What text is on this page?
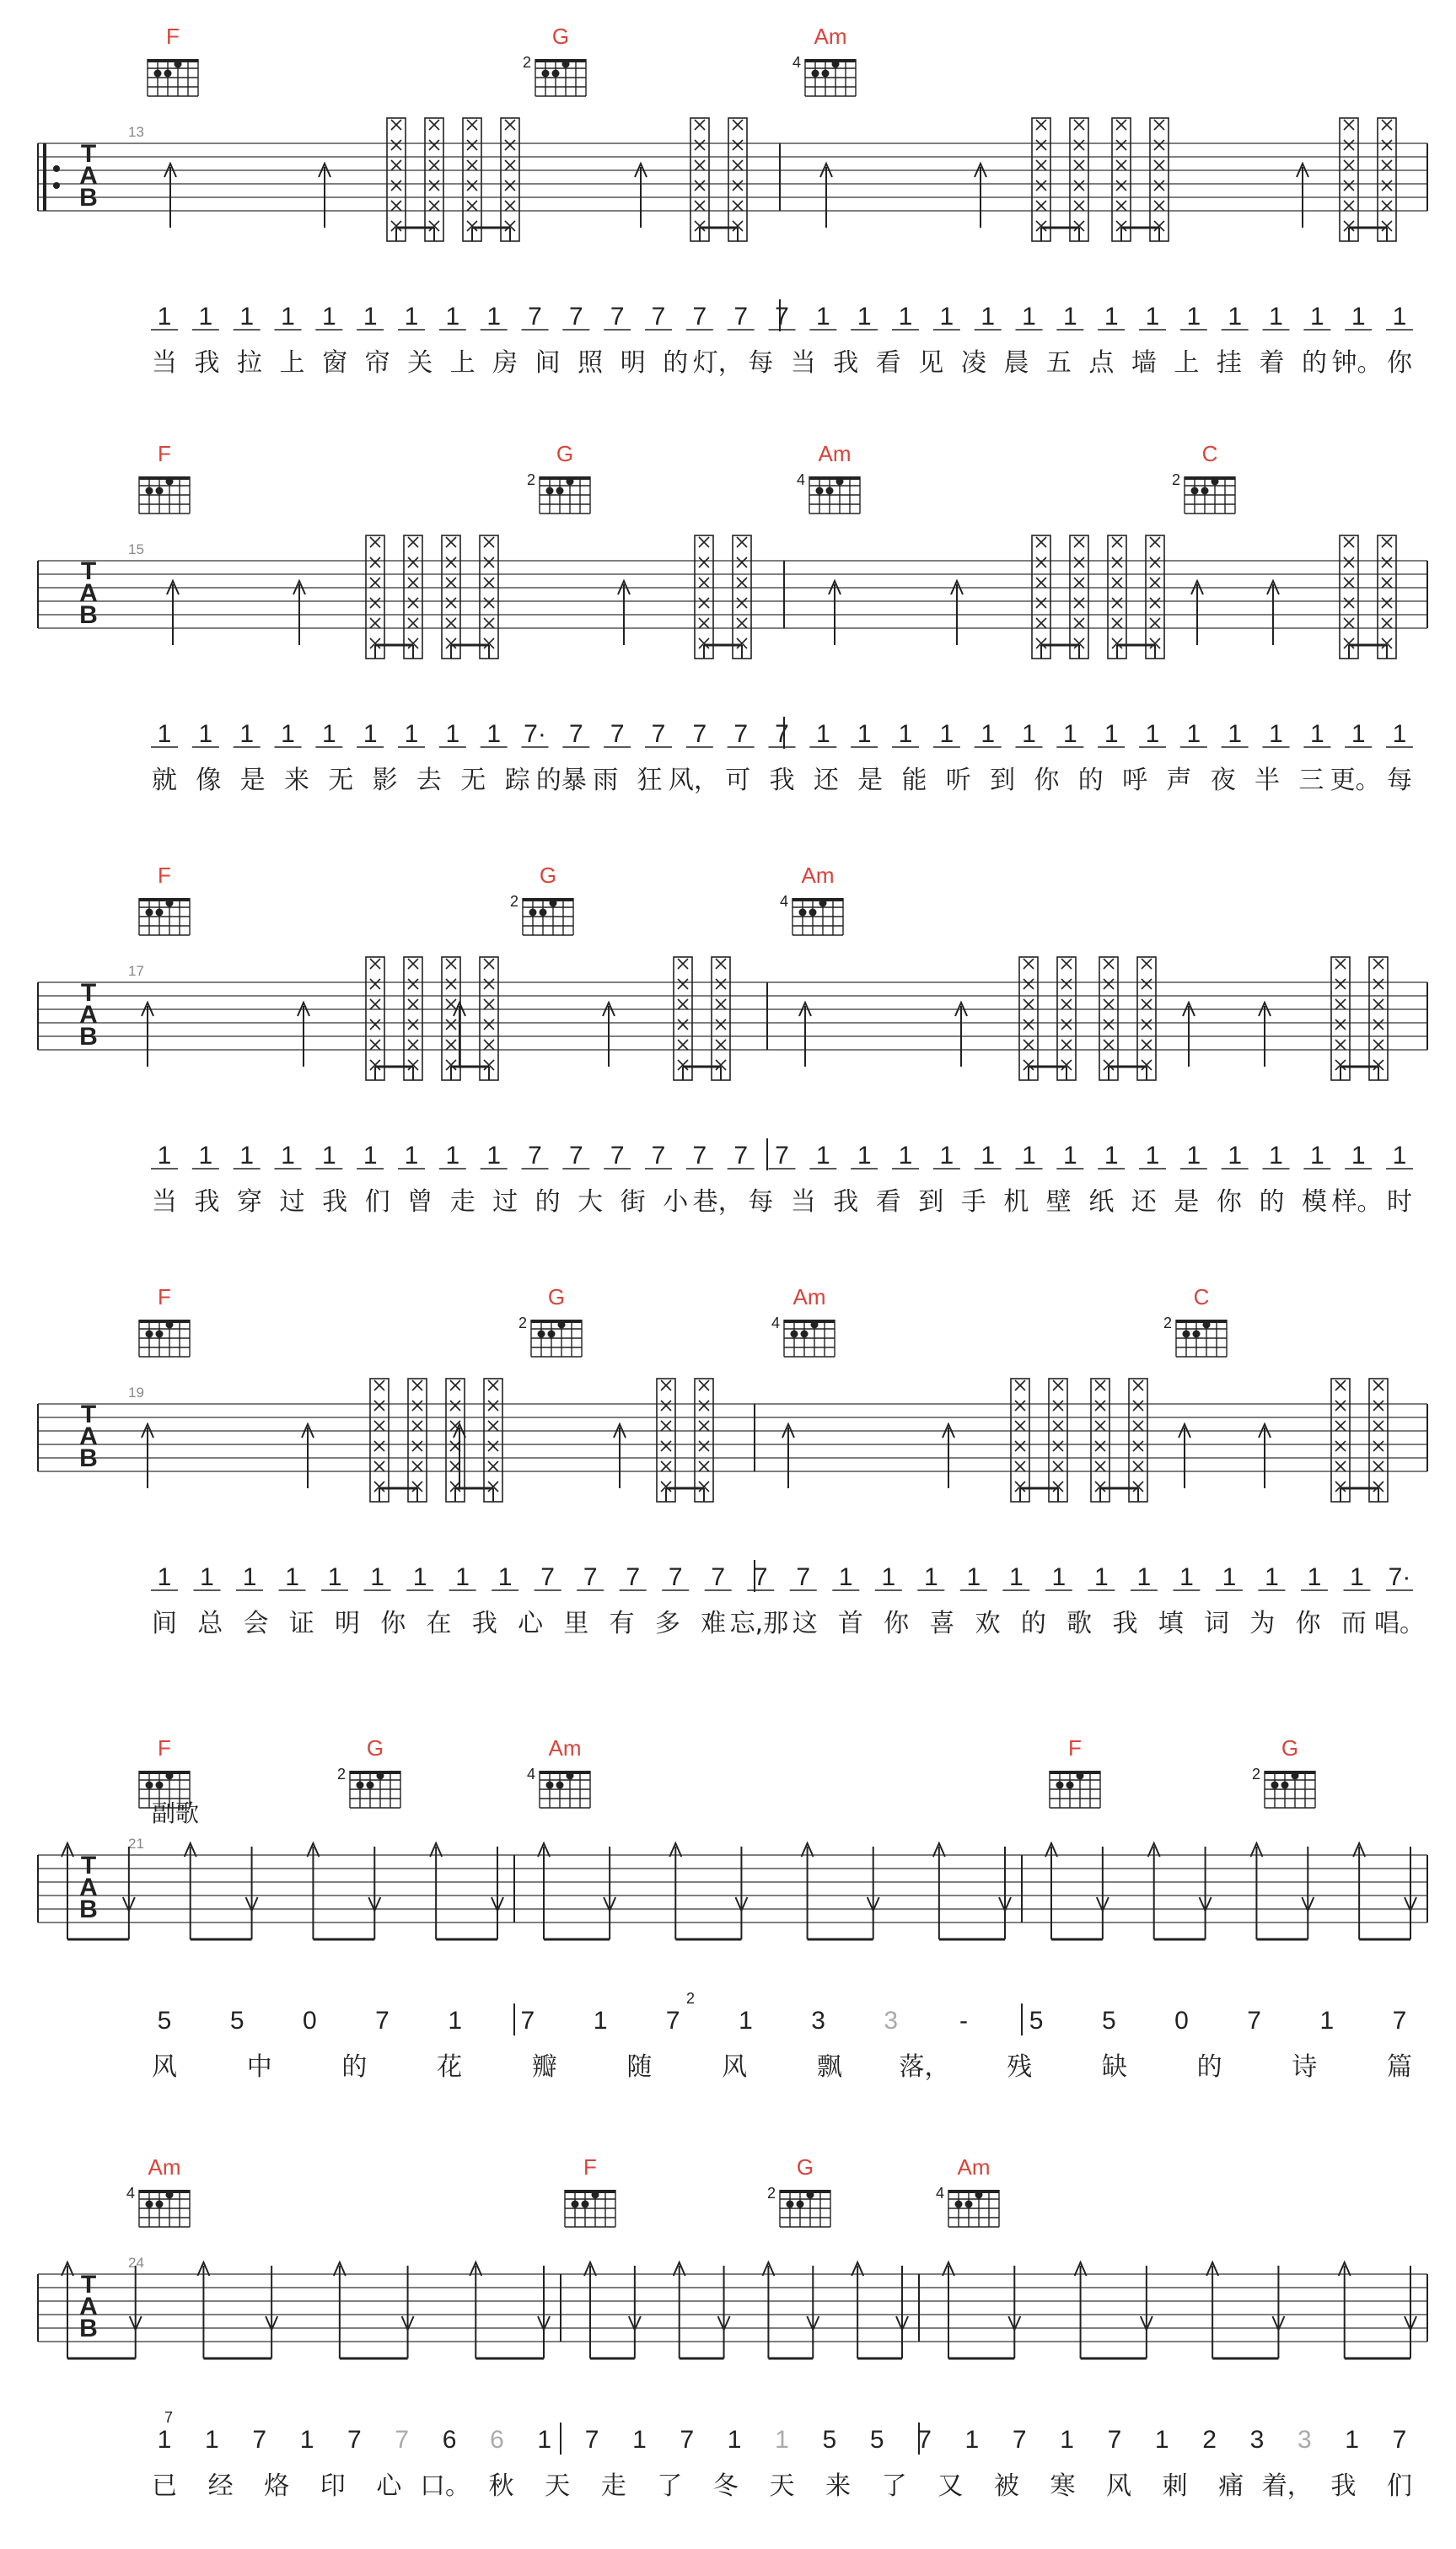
F	G
2
Am
4
T
A
B
13
1 1 1 1 1 1 1 1 1 7 7 7 7 7 7 7 1 1 1 1 1 1 1 1 1 1 1 1 1 1 1
当 我 拉 上 窗 帘 关 上 房 间 照 明 的 灯， 每 当 我 看 见 凌 晨 五 点 墙 上 挂 着 的 钟。 你
F	G
2
Am
4
C
2
T
A
B
15
1 1 1 1 1 1 1 1 1 7· 7 7 7 7 7 7 1 1 1 1 1 1 1 1 1 1 1 1 1 1 1
就 像 是 来 无 影 去 无 踪 的暴 雨 狂 风， 可 我 还 是 能 听 到 你 的 呼 声 夜 半 三 更。 每
F	G
2
Am
4
T
A
B
17
1 1 1 1 1 1 1 1 1 7 7 7 7 7 7 7 1 1 1 1 1 1 1 1 1 1 1 1 1 1 1
当 我 穿 过 我 们 曾 走 过 的 大 街 小 巷， 每 当 我 看 到 手 机 壁 纸 还 是 你 的 模 样。 时
F	G
2
Am
4
C
2
T
A
B
19
1 1 1 1 1 1 1 1 1 7 7 7 7 7 7 7 1 1 1 1 1 1 1 1 1 1 1 1 1 7·
间 总 会 证 明 你 在 我 心 里 有 多 难 忘,那 这 首 你 喜 欢 的 歌 我 填 词 为 你 而 唱。
F	G
2
Am
4
F	G
2
副歌
T
A
B
21
5 5 0 7 1 7 1 7 1 3 3 - 5 5 0 7 1 7
2
风	中	的	花	瓣	随	风	飘 落， 残	缺	的	诗	篇
Am
4
F	G
2
Am
4
T
A
B
24
1 1 7 1 7 7 6 6 1 7 1 7 1 1 5 5 7 1 7 1 7 1 2 3 3 1 7
7
已 经 烙 印 心 口。 秋 天 走 了 冬 天 来 了 又 被 寒 风 刺 痛 着， 我 们
